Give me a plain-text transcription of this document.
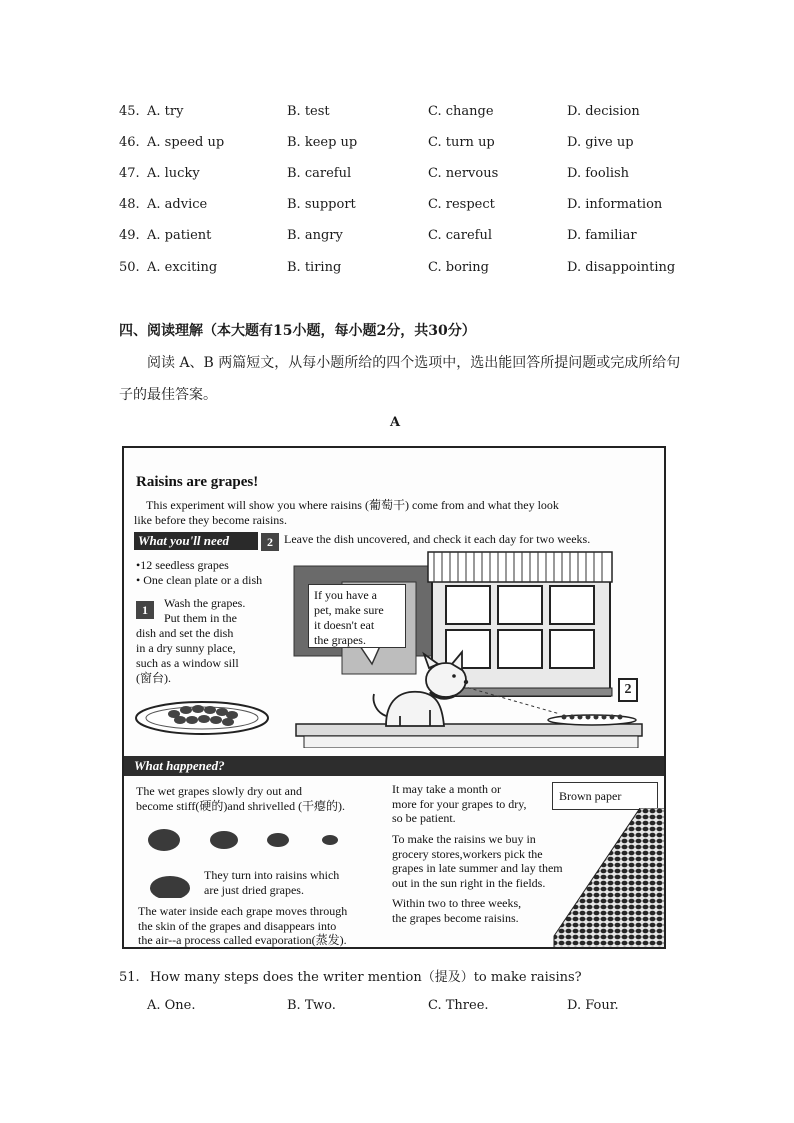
45. A. try	B. test	C. change	D. decision
46. A. speed up	B. keep up	C. turn up	D. give up
47. A. lucky	B. careful	C. nervous	D. foolish
48. A. advice	B. support	C. respect	D. information
49. A. patient	B. angry	C. careful	D. familiar
50. A. exciting	B. tiring	C. boring	D. disappointing
四、阅读理解（本大题有15小题，每小题2分，共30分）
阅读 A、B 两篇短文，从每小题所给的四个选项中，选出能回答所提问题或完成所给句
子的最佳答案。
A
Raisins are grapes!
This experiment will show you where raisins (葡萄干) come from and what they look
like before they become raisins.
What you'll need	2 Leave the dish uncovered, and check it each day for two weeks.
•12 seedless grapes
• One clean plate or a dish
1	Wash the grapes.
Put them in the
dish and set the dish
in a dry sunny place,
such as a window sill
(窗台).
If you have a
pet, make sure
it doesn't eat
the grapes.
2
What happened?
The wet grapes slowly dry out and
become stiff(硬的)and shrivelled (干瘪的).
They turn into raisins which
are just dried grapes.
The water inside each grape moves through
the skin of the grapes and disappears into
the air--a process called evaporation(蒸发).
It may take a month or
more for your grapes to dry,
so be patient.
To make the raisins we buy in
grocery stores,workers pick the
grapes in late summer and lay them
out in the sun right in the fields.
Within two to three weeks,
the grapes become raisins.
Brown paper
51. How many steps does the writer mention（提及）to make raisins?
A. One.	B. Two.	C. Three.	D. Four.
